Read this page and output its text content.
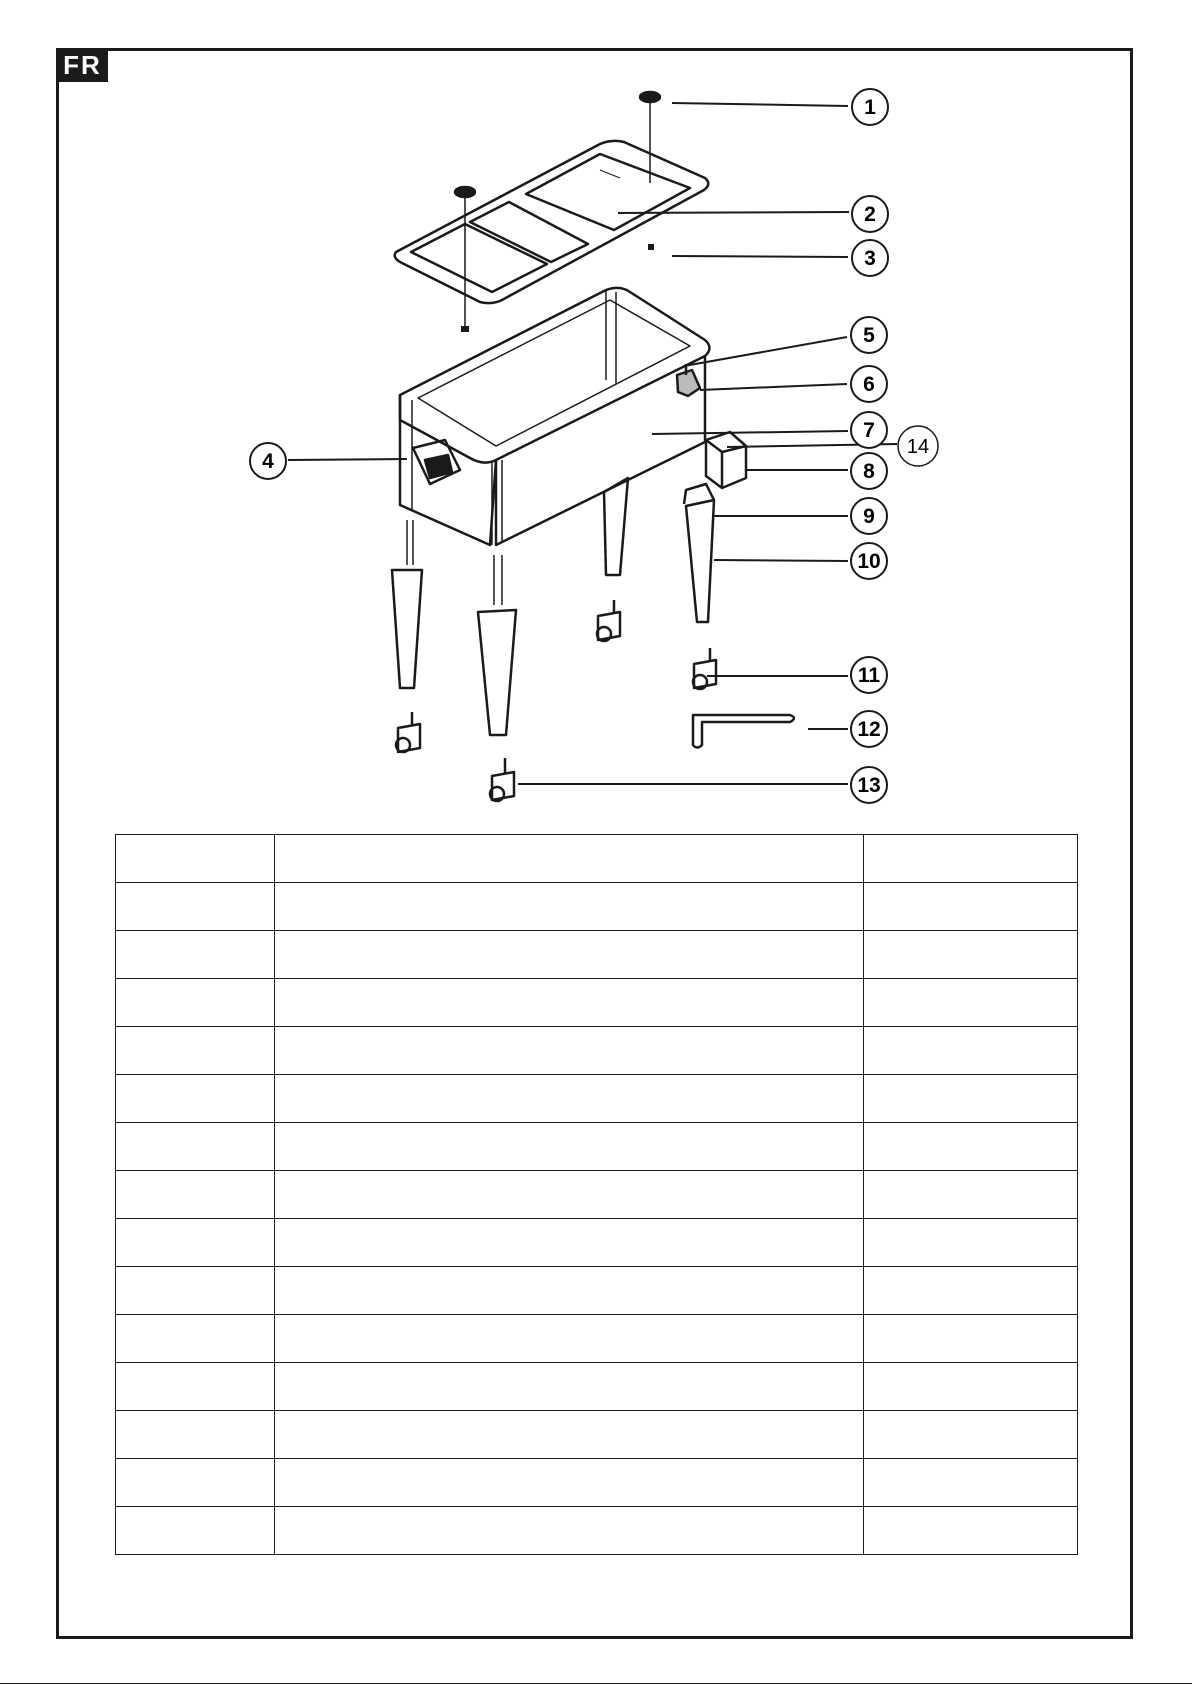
FR
1
2
3
4
5
6
7
14
8
9
10
11
12
13
